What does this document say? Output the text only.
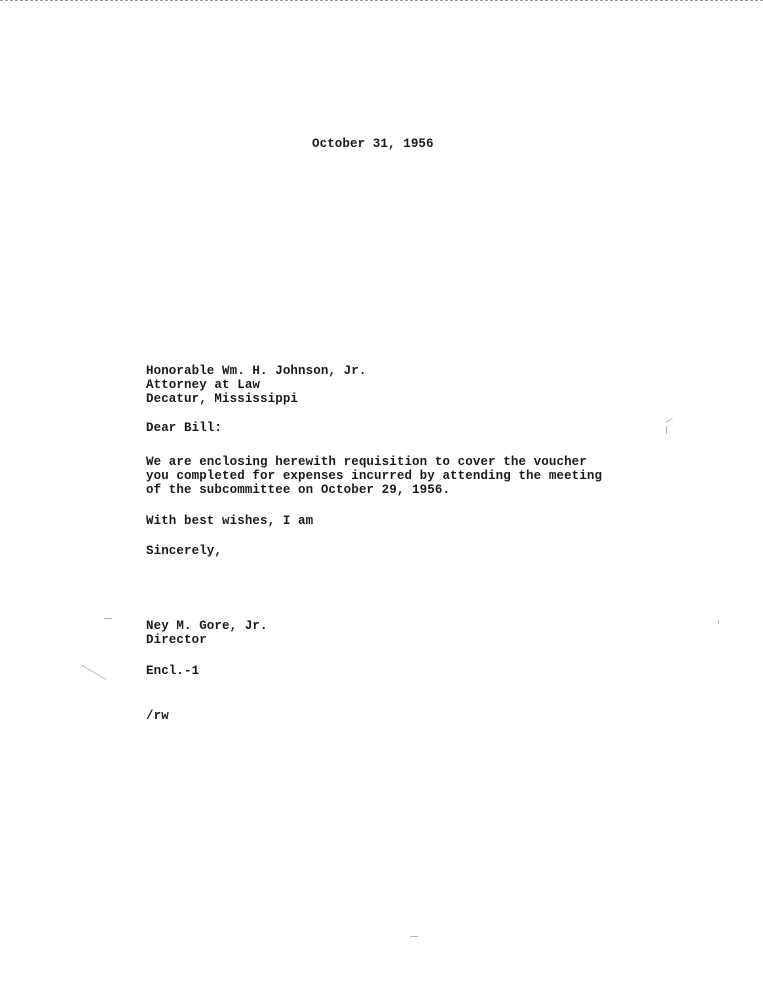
October 31, 1956
Honorable Wm. H. Johnson, Jr.
Attorney at Law
Decatur, Mississippi
Dear Bill:
We are enclosing herewith requisition to cover the voucher
you completed for expenses incurred by attending the meeting
of the subcommittee on October 29, 1956.
With best wishes, I am
Sincerely,
Ney M. Gore, Jr.
Director
Encl.-1
/rw
